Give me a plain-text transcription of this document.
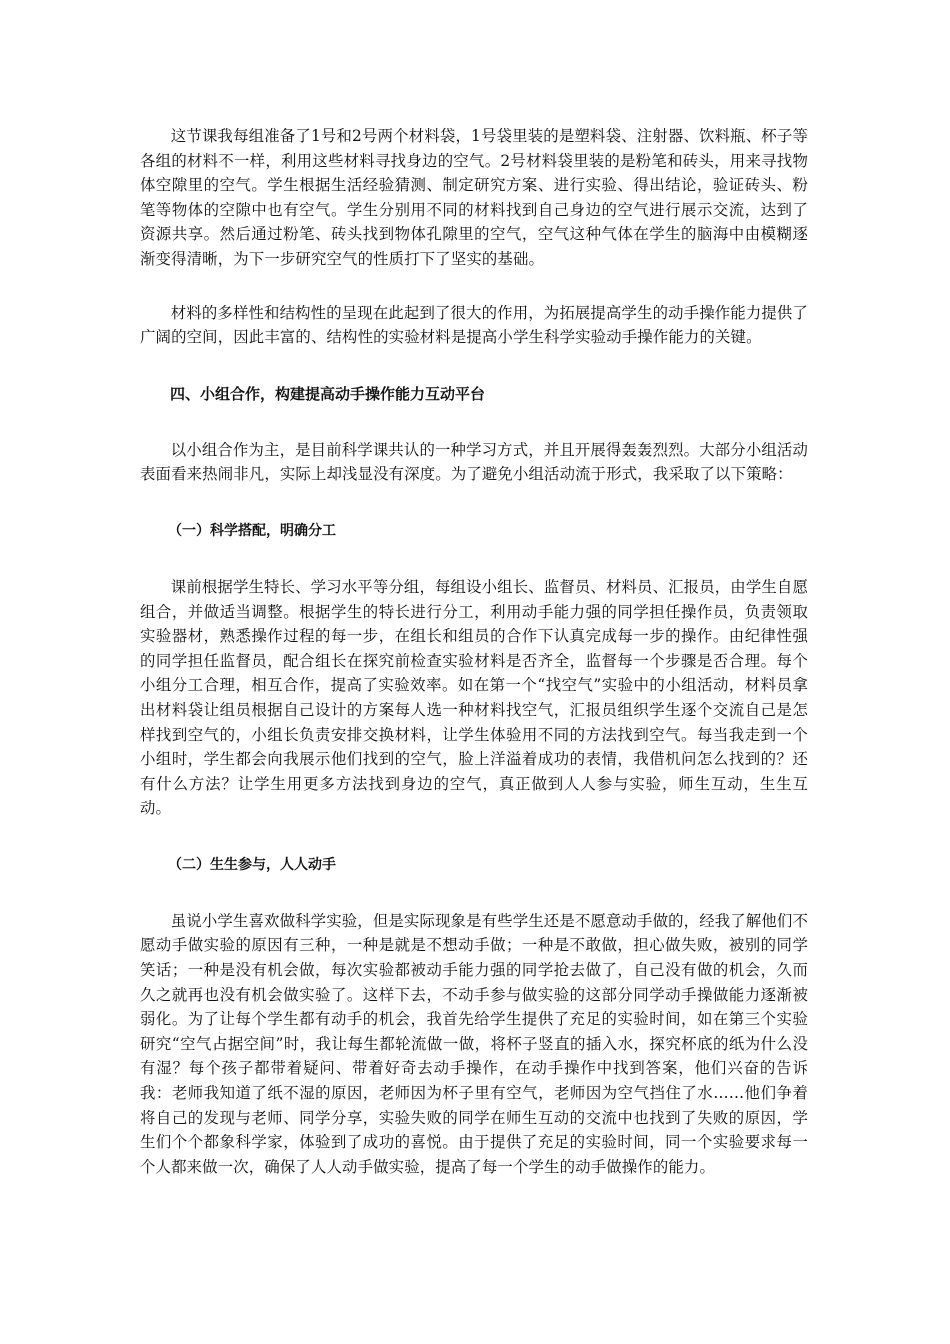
这节课我每组准备了1号和2号两个材料袋，1号袋里装的是塑料袋、注射器、饮料瓶、杯子等各组的材料不一样，利用这些材料寻找身边的空气。2号材料袋里装的是粉笔和砖头，用来寻找物体空隙里的空气。学生根据生活经验猜测、制定研究方案、进行实验、得出结论，验证砖头、粉笔等物体的空隙中也有空气。学生分别用不同的材料找到自己身边的空气进行展示交流，达到了资源共享。然后通过粉笔、砖头找到物体孔隙里的空气，空气这种气体在学生的脑海中由模糊逐渐变得清晰，为下一步研究空气的性质打下了坚实的基础。

材料的多样性和结构性的呈现在此起到了很大的作用，为拓展提高学生的动手操作能力提供了广阔的空间，因此丰富的、结构性的实验材料是提高小学生科学实验动手操作能力的关键。

四、小组合作，构建提高动手操作能力互动平台

以小组合作为主，是目前科学课共认的一种学习方式，并且开展得轰轰烈烈。大部分小组活动表面看来热闹非凡，实际上却浅显没有深度。为了避免小组活动流于形式，我采取了以下策略：

（一）科学搭配，明确分工

课前根据学生特长、学习水平等分组，每组设小组长、监督员、材料员、汇报员，由学生自愿组合，并做适当调整。根据学生的特长进行分工，利用动手能力强的同学担任操作员，负责领取实验器材，熟悉操作过程的每一步，在组长和组员的合作下认真完成每一步的操作。由纪律性强的同学担任监督员，配合组长在探究前检查实验材料是否齐全，监督每一个步骤是否合理。每个小组分工合理，相互合作，提高了实验效率。如在第一个“找空气”实验中的小组活动，材料员拿出材料袋让组员根据自己设计的方案每人选一种材料找空气，汇报员组织学生逐个交流自己是怎样找到空气的，小组长负责安排交换材料，让学生体验用不同的方法找到空气。每当我走到一个小组时，学生都会向我展示他们找到的空气，脸上洋溢着成功的表情，我借机问怎么找到的？还有什么方法？让学生用更多方法找到身边的空气，真正做到人人参与实验，师生互动，生生互动。

（二）生生参与，人人动手

虽说小学生喜欢做科学实验，但是实际现象是有些学生还是不愿意动手做的，经我了解他们不愿动手做实验的原因有三种，一种是就是不想动手做；一种是不敢做，担心做失败，被别的同学笑话；一种是没有机会做，每次实验都被动手能力强的同学抢去做了，自己没有做的机会，久而久之就再也没有机会做实验了。这样下去，不动手参与做实验的这部分同学动手操做能力逐渐被弱化。为了让每个学生都有动手的机会，我首先给学生提供了充足的实验时间，如在第三个实验研究“空气占据空间”时，我让每生都轮流做一做，将杯子竖直的插入水，探究杯底的纸为什么没有湿？每个孩子都带着疑问、带着好奇去动手操作，在动手操作中找到答案，他们兴奋的告诉我：老师我知道了纸不湿的原因，老师因为杯子里有空气，老师因为空气挡住了水……他们争着将自己的发现与老师、同学分享，实验失败的同学在师生互动的交流中也找到了失败的原因，学生们个个都象科学家，体验到了成功的喜悦。由于提供了充足的实验时间，同一个实验要求每一个人都来做一次，确保了人人动手做实验，提高了每一个学生的动手做操作的能力。
